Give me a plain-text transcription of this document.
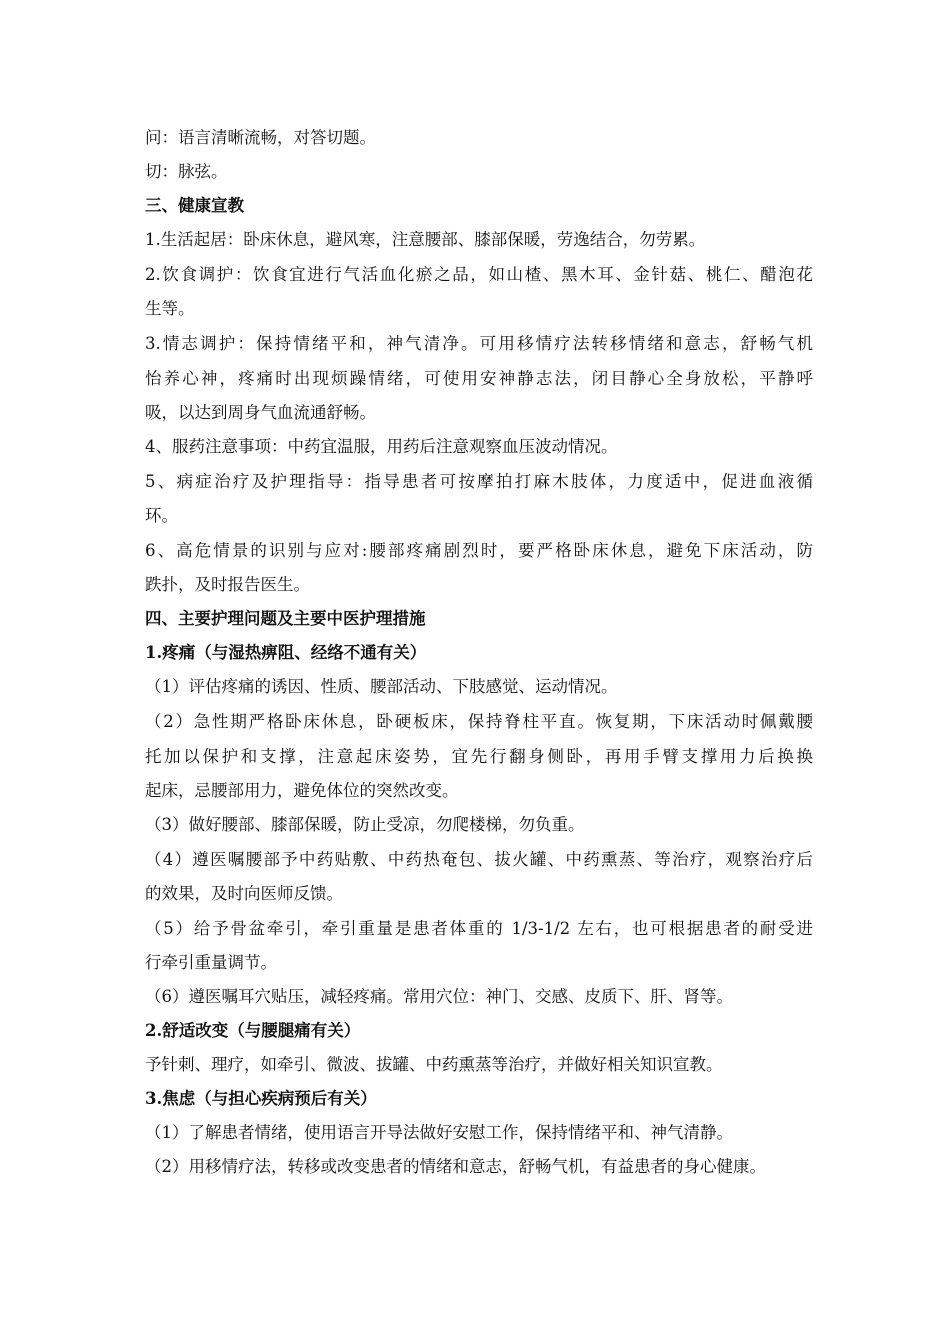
问：语言清晰流畅，对答切题。
切：脉弦。
三、健康宣教
1.生活起居：卧床休息，避风寒，注意腰部、膝部保暖，劳逸结合，勿劳累。
2.饮食调护：饮食宜进行气活血化瘀之品，如山楂、黑木耳、金针菇、桃仁、醋泡花
生等。
3.情志调护：保持情绪平和，神气清净。可用移情疗法转移情绪和意志，舒畅气机
怡养心神，疼痛时出现烦躁情绪，可使用安神静志法，闭目静心全身放松，平静呼
吸，以达到周身气血流通舒畅。
4、服药注意事项：中药宜温服，用药后注意观察血压波动情况。
5、病症治疗及护理指导：指导患者可按摩拍打麻木肢体，力度适中，促进血液循
环。
6、高危情景的识别与应对:腰部疼痛剧烈时，要严格卧床休息，避免下床活动，防
跌扑，及时报告医生。
四、主要护理问题及主要中医护理措施
1.疼痛（与湿热痹阻、经络不通有关）
（1）评估疼痛的诱因、性质、腰部活动、下肢感觉、运动情况。
（2）急性期严格卧床休息，卧硬板床，保持脊柱平直。恢复期，下床活动时佩戴腰
托加以保护和支撑，注意起床姿势，宜先行翻身侧卧，再用手臂支撑用力后换换
起床，忌腰部用力，避免体位的突然改变。
（3）做好腰部、膝部保暖，防止受凉，勿爬楼梯，勿负重。
（4）遵医嘱腰部予中药贴敷、中药热奄包、拔火罐、中药熏蒸、等治疗，观察治疗后
的效果，及时向医师反馈。
（5）给予骨盆牵引，牵引重量是患者体重的 1/3-1/2 左右，也可根据患者的耐受进
行牵引重量调节。
（6）遵医嘱耳穴贴压，减轻疼痛。常用穴位：神门、交感、皮质下、肝、肾等。
2.舒适改变（与腰腿痛有关）
予针刺、理疗，如牵引、微波、拔罐、中药熏蒸等治疗，并做好相关知识宣教。
3.焦虑（与担心疾病预后有关）
（1）了解患者情绪，使用语言开导法做好安慰工作，保持情绪平和、神气清静。
（2）用移情疗法，转移或改变患者的情绪和意志，舒畅气机，有益患者的身心健康。
